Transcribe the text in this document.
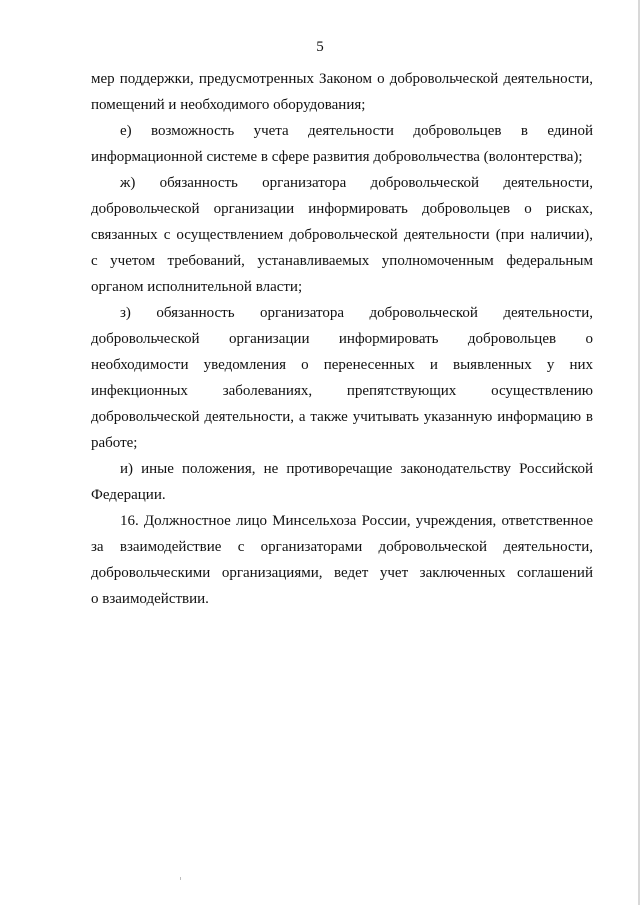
5
мер поддержки, предусмотренных Законом о добровольческой деятельности,
помещений и необходимого оборудования;
е) возможность учета деятельности добровольцев в единой
информационной системе в сфере развития добровольчества (волонтерства);
ж) обязанность организатора добровольческой деятельности,
добровольческой организации информировать добровольцев о рисках,
связанных с осуществлением добровольческой деятельности (при наличии),
с учетом требований, устанавливаемых уполномоченным федеральным
органом исполнительной власти;
з) обязанность организатора добровольческой деятельности,
добровольческой организации информировать добровольцев о
необходимости уведомления о перенесенных и выявленных у них
инфекционных заболеваниях, препятствующих осуществлению
добровольческой деятельности, а также учитывать указанную информацию в
работе;
и) иные положения, не противоречащие законодательству Российской
Федерации.
16. Должностное лицо Минсельхоза России, учреждения, ответственное
за взаимодействие с организаторами добровольческой деятельности,
добровольческими организациями, ведет учет заключенных соглашений
о взаимодействии.
